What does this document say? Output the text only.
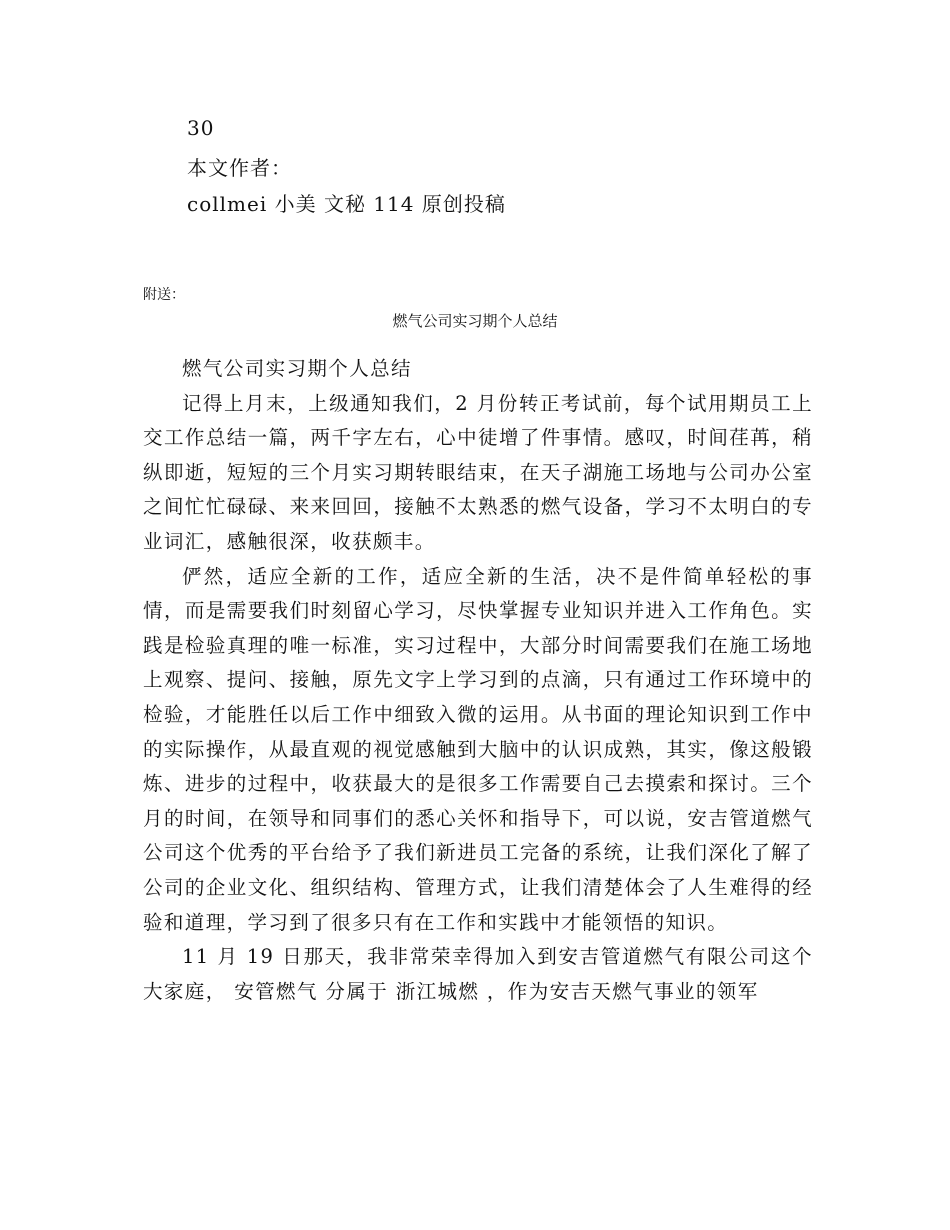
30
本文作者：
collmei 小美 文秘 114 原创投稿
附送：
燃气公司实习期个人总结

燃气公司实习期个人总结

记得上月末，上级通知我们，2 月份转正考试前，每个试用期员工上交工作总结一篇，两千字左右，心中徒增了件事情。感叹，时间荏苒，稍纵即逝，短短的三个月实习期转眼结束，在天子湖施工场地与公司办公室之间忙忙碌碌、来来回回，接触不太熟悉的燃气设备，学习不太明白的专业词汇，感触很深，收获颇丰。

俨然，适应全新的工作，适应全新的生活，决不是件简单轻松的事情，而是需要我们时刻留心学习，尽快掌握专业知识并进入工作角色。实践是检验真理的唯一标准，实习过程中，大部分时间需要我们在施工场地上观察、提问、接触，原先文字上学习到的点滴，只有通过工作环境中的检验，才能胜任以后工作中细致入微的运用。从书面的理论知识到工作中的实际操作，从最直观的视觉感触到大脑中的认识成熟，其实，像这般锻炼、进步的过程中，收获最大的是很多工作需要自己去摸索和探讨。三个月的时间，在领导和同事们的悉心关怀和指导下，可以说，安吉管道燃气公司这个优秀的平台给予了我们新进员工完备的系统，让我们深化了解了公司的企业文化、组织结构、管理方式，让我们清楚体会了人生难得的经验和道理，学习到了很多只有在工作和实践中才能领悟的知识。

11 月 19 日那天，我非常荣幸得加入到安吉管道燃气有限公司这个大家庭， 安管燃气 分属于 浙江城燃 ，作为安吉天燃气事业的领军
